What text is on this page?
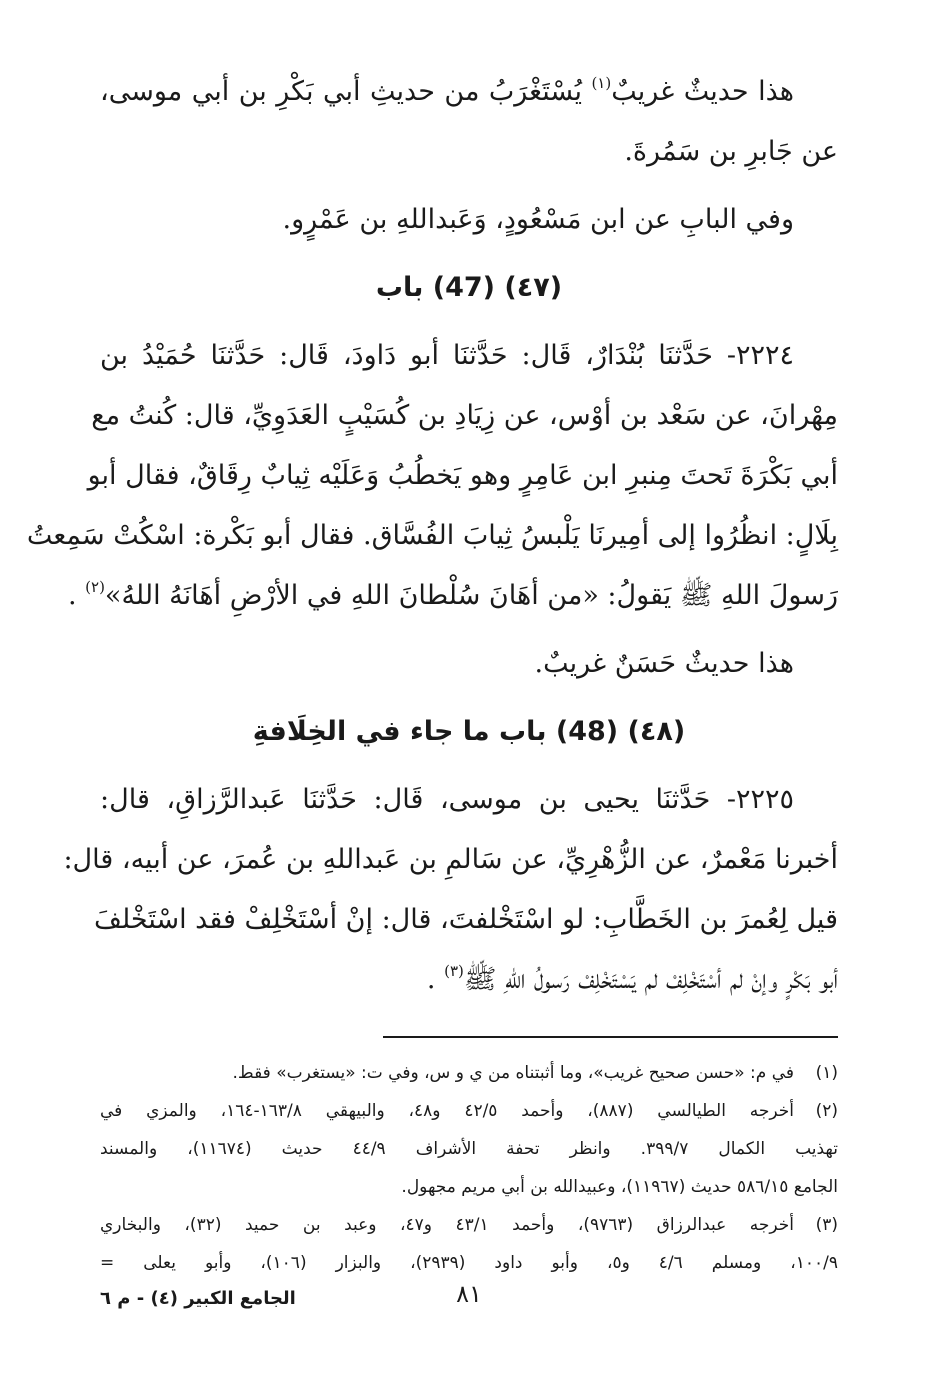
هذا حديثٌ غريبٌ$^{(١)}$ يُسْتَغْرَبُ من حديثِ أبي بَكْرِ بن أبي موسى،
عن جَابرِ بن سَمُرةَ.
وفي البابِ عن ابن مَسْعُودٍ، وَعَبداللهِ بن عَمْرٍو.
(٤٧) (47) باب
٢٢٢٤- حَدَّثنَا بُنْدَارٌ، قَال: حَدَّثنَا أبو دَاودَ، قَال: حَدَّثنَا حُمَيْدُ بن
مِهْرانَ، عن سَعْد بن أوْس، عن زِيَادِ بن كُسَيْبٍ العَدَوِيِّ، قال: كُنتُ مع
أبي بَكْرَةَ تَحتَ مِنبرِ ابن عَامِرٍ وهو يَخطُبُ وَعَلَيْه ثِيابٌ رِقَاقٌ، فقال أبو
بِلَالٍ: انظُرُوا إلى أمِيرنَا يَلْبسُ ثِيابَ الفُسَّاق. فقال أبو بَكْرة: اسْكُتْ سَمِعتُ
رَسولَ اللهِ ﷺ يَقولُ: «من أهَانَ سُلْطانَ اللهِ في الأرْضِ أهَانَهُ اللهُ»$^{(٢)}$ .
هذا حديثٌ حَسَنٌ غريبٌ.
(٤٨) (48) باب ما جاء في الخِلَافةِ
٢٢٢٥- حَدَّثنَا يحيى بن موسى، قَال: حَدَّثنَا عَبدالرَّزاقِ، قال:
أخبرنا مَعْمرٌ، عن الزُّهْرِيِّ، عن سَالمِ بن عَبداللهِ بن عُمرَ، عن أبيه، قال:
قيل لِعُمرَ بن الخَطَّابِ: لو اسْتَخْلفتَ، قال: إنْ أسْتَخْلِفْ فقد اسْتَخْلفَ
أبو بَكْرٍ وإنْ لم أسْتَخْلِفْ لم يَسْتَخْلِفْ رَسولُ اللهِ ﷺ$^{(٣)}$ .
(١)
في م: «حسن صحيح غريب»، وما أثبتناه من ي و س، وفي ت: «يستغرب» فقط.
(٢)
أخرجه الطيالسي (٨٨٧)، وأحمد ٤٢/٥ و٤٨، والبيهقي ١٦٣/٨-١٦٤، والمزي في
تهذيب الكمال ٣٩٩/٧. وانظر تحفة الأشراف ٤٤/٩ حديث (١١٦٧٤)، والمسند
الجامع ٥٨٦/١٥ حديث (١١٩٦٧)، وعبيدالله بن أبي مريم مجهول.
(٣)
أخرجه عبدالرزاق (٩٧٦٣)، وأحمد ٤٣/١ و٤٧، وعبد بن حميد (٣٢)، والبخاري
١٠٠/٩، ومسلم ٤/٦ و٥، وأبو داود (٢٩٣٩)، والبزار (١٠٦)، وأبو يعلى =
٨١
الجامع الكبير (٤) - م ٦
